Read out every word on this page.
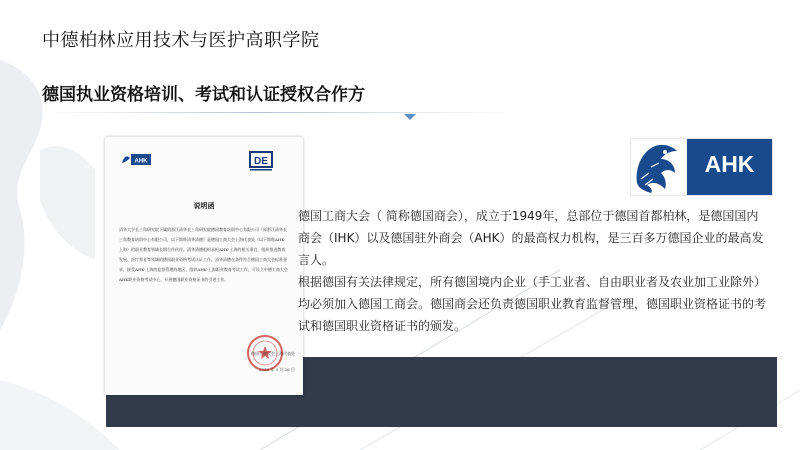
中德柏林应用技术与医护高职学院
德国执业资格培训、考试和认证授权合作方
AHK	DE
说明函
清华大学长三角研究院下属的浙江清华长三角研究院德国教育培训中心有限公司（原浙江清华长三角教育培训中心有限公司，以下简称清华清德）是德国工商大会上海代表处（以下简称AHK-上海）的职业教育领域长期合作伙伴。清华清德组织承担AHK-上海的相关事宜，组织推进教育发展、医疗养老等领域的德国职业资格考试认证工作。清华清德在条件符合德国工商大会标准要求，接受AHK-上海的监督管理的地区，组织AHK-上海职业教育考试工作，可设立中德工商大会AHK职业资格考试中心，开展德国职业资格证书的引进工作。
德国工商大会上海代表处
2018 年 3 月 26 日
AHK

德国工商大会（ 简称德国商会），成立于1949年，总部位于德国首都柏林，是德国国内商会（IHK）以及德国驻外商会（AHK）的最高权力机构，是三百多万德国企业的最高发言人。

根据德国有关法律规定，所有德国境内企业（手工业者、自由职业者及农业加工业除外）均必须加入德国工商会。德国商会还负责德国职业教育监督管理，德国职业资格证书的考试和德国职业资格证书的颁发。
